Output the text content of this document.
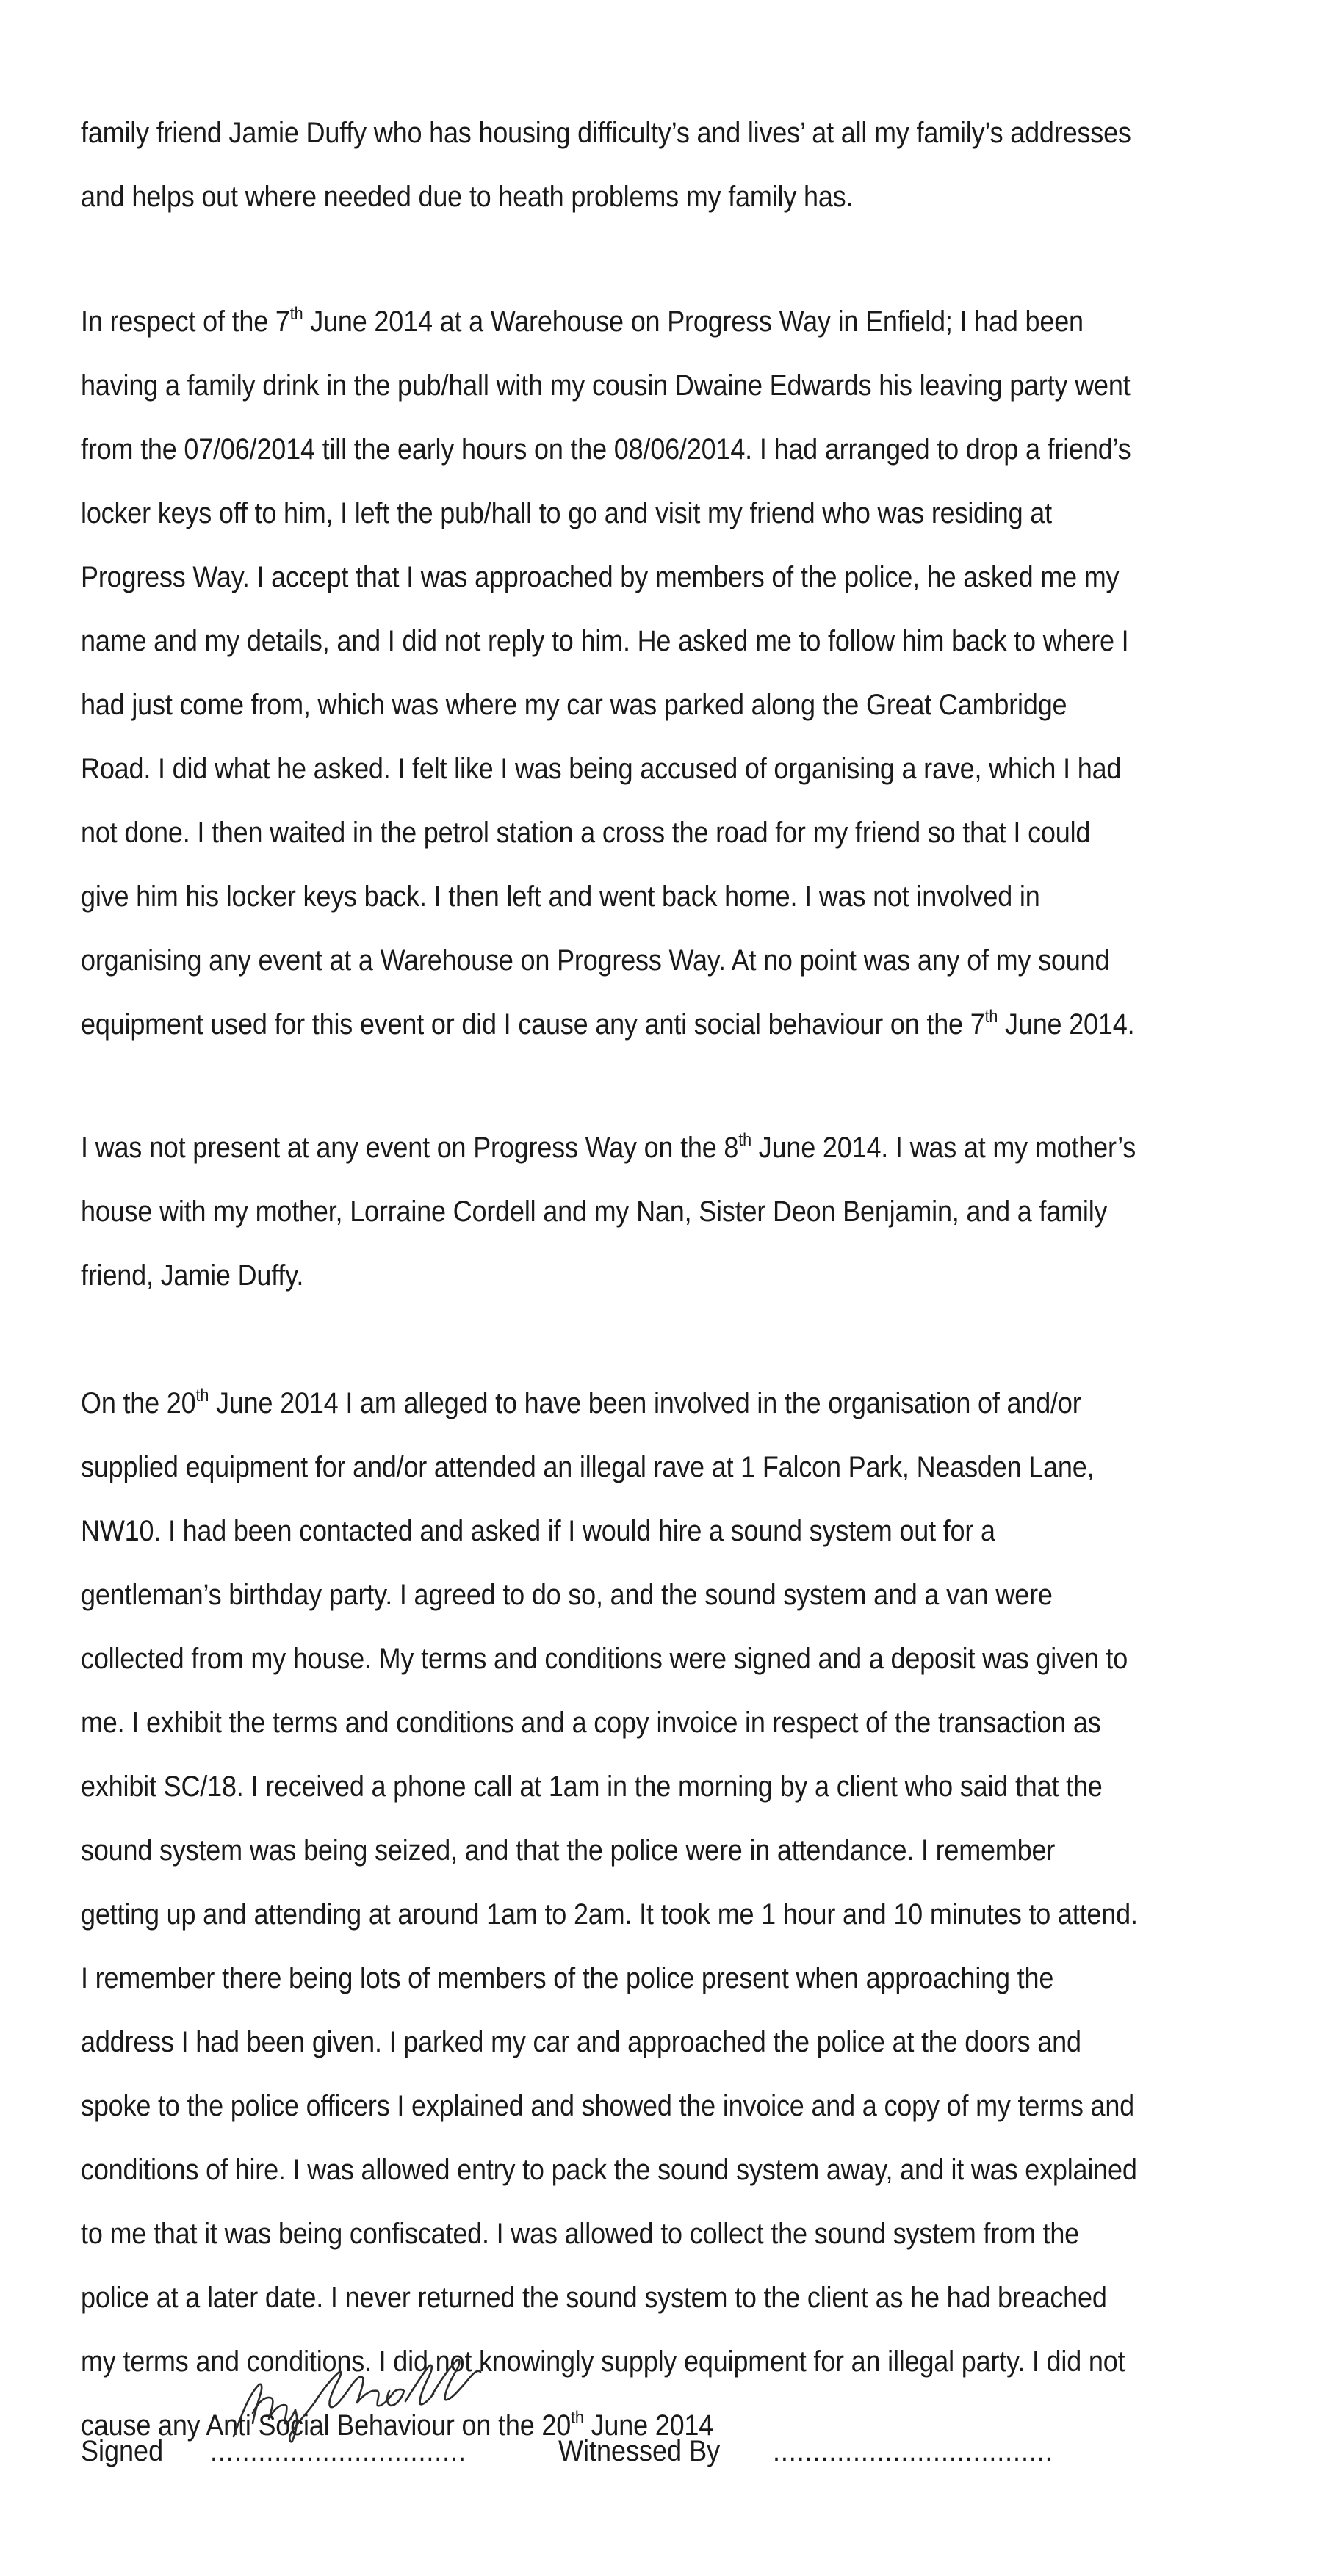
family friend Jamie Duffy who has housing difficulty’s and lives’ at all my family’s addresses and helps out where needed due to heath problems my family has.

In respect of the 7th June 2014 at a Warehouse on Progress Way in Enfield; I had been having a family drink in the pub/hall with my cousin Dwaine Edwards his leaving party went from the 07/06/2014 till the early hours on the 08/06/2014. I had arranged to drop a friend’s locker keys off to him, I left the pub/hall to go and visit my friend who was residing at Progress Way. I accept that I was approached by members of the police, he asked me my name and my details, and I did not reply to him. He asked me to follow him back to where I had just come from, which was where my car was parked along the Great Cambridge Road. I did what he asked. I felt like I was being accused of organising a rave, which I had not done. I then waited in the petrol station a cross the road for my friend so that I could give him his locker keys back. I then left and went back home. I was not involved in organising any event at a Warehouse on Progress Way. At no point was any of my sound equipment used for this event or did I cause any anti social behaviour on the 7th June 2014.

I was not present at any event on Progress Way on the 8th June 2014. I was at my mother’s house with my mother, Lorraine Cordell and my Nan, Sister Deon Benjamin, and a family friend, Jamie Duffy.

On the 20th June 2014 I am alleged to have been involved in the organisation of and/or supplied equipment for and/or attended an illegal rave at 1 Falcon Park, Neasden Lane, NW10. I had been contacted and asked if I would hire a sound system out for a gentleman’s birthday party. I agreed to do so, and the sound system and a van were collected from my house. My terms and conditions were signed and a deposit was given to me. I exhibit the terms and conditions and a copy invoice in respect of the transaction as exhibit SC/18. I received a phone call at 1am in the morning by a client who said that the sound system was being seized, and that the police were in attendance. I remember getting up and attending at around 1am to 2am. It took me 1 hour and 10 minutes to attend. I remember there being lots of members of the police present when approaching the address I had been given. I parked my car and approached the police at the doors and spoke to the police officers I explained and showed the invoice and a copy of my terms and conditions of hire. I was allowed entry to pack the sound system away, and it was explained to me that it was being confiscated. I was allowed to collect the sound system from the police at a later date. I never returned the sound system to the client as he had breached my terms and conditions. I did not knowingly supply equipment for an illegal party. I did not cause any Anti Social Behaviour on the 20th June 2014

Signed ................................	Witnessed By ...................................
